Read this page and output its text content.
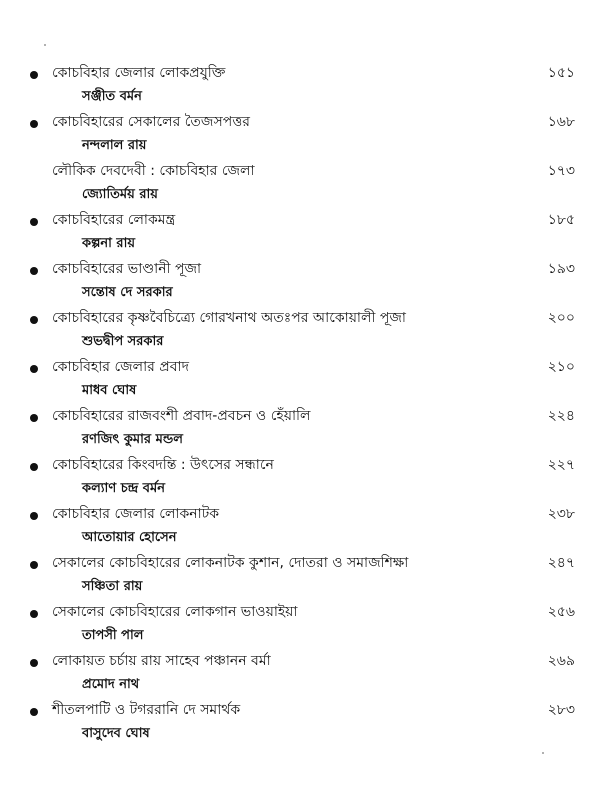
কোচবিহার জেলার লোকপ্রযুক্তি	১৫১
সঞ্জীত বর্মন
কোচবিহারের সেকালের তৈজসপত্তর	১৬৮
নন্দলাল রায়
লৌকিক দেবদেবী : কোচবিহার জেলা	১৭৩
জ্যোতির্ময় রায়
কোচবিহারের লোকমন্ত্র	১৮৫
কল্পনা রায়
কোচবিহারের ভাণ্ডানী পূজা	১৯৩
সন্তোষ দে সরকার
কোচবিহারের কৃষ্ণবৈচিত্র্যে গোরখনাথ অতঃপর আকোয়ালী পূজা	২০০
শুভদ্বীপ সরকার
কোচবিহার জেলার প্রবাদ	২১০
মাধব ঘোষ
কোচবিহারের রাজবংশী প্রবাদ-প্রবচন ও হেঁয়ালি	২২৪
রণজিৎ কুমার মন্ডল
কোচবিহারের কিংবদন্তি : উৎসের সন্ধানে	২২৭
কল্যাণ চন্দ্র বর্মন
কোচবিহার জেলার লোকনাটক	২৩৮
আতোয়ার হোসেন
সেকালের কোচবিহারের লোকনাটক কুশান, দোতরা ও সমাজশিক্ষা	২৪৭
সঞ্চিতা রায়
সেকালের কোচবিহারের লোকগান ভাওয়াইয়া	২৫৬
তাপসী পাল
লোকায়ত চর্চায় রায় সাহেব পঞ্চানন বর্মা	২৬৯
প্রমোদ নাথ
শীতলপাটি ও টগররানি দে সমার্থক	২৮৩
বাসুদেব ঘোষ
